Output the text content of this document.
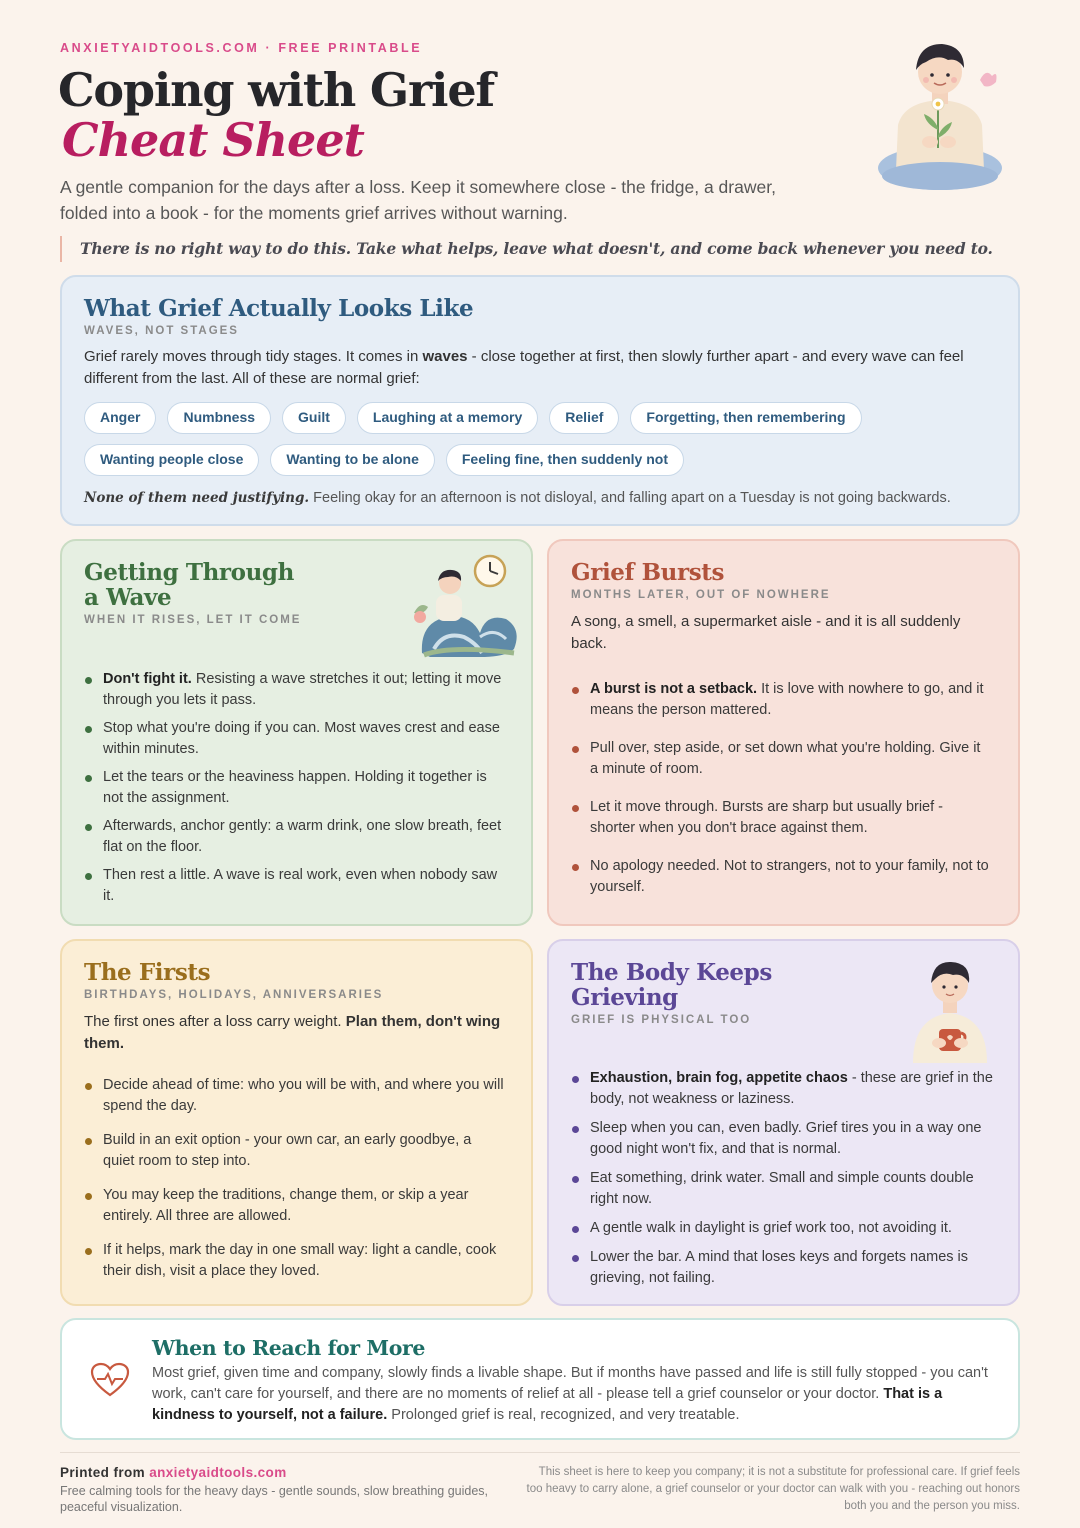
ANXIETYAIDTOOLS.COM · FREE PRINTABLE
Coping with Grief
Cheat Sheet
A gentle companion for the days after a loss. Keep it somewhere close - the fridge, a drawer, folded into a book - for the moments grief arrives without warning.
There is no right way to do this. Take what helps, leave what doesn't, and come back whenever you need to.
What Grief Actually Looks Like
WAVES, NOT STAGES

Grief rarely moves through tidy stages. It comes in waves - close together at first, then slowly further apart - and every wave can feel different from the last. All of these are normal grief:

Anger	Numbness	Guilt	Laughing at a memory	Relief	Forgetting, then remembering
Wanting people close	Wanting to be alone	Feeling fine, then suddenly not

None of them need justifying. Feeling okay for an afternoon is not disloyal, and falling apart on a Tuesday is not going backwards.

Getting Through
a Wave
WHEN IT RISES, LET IT COME
Don't fight it. Resisting a wave stretches it out; letting it move through you lets it pass.
Stop what you're doing if you can. Most waves crest and ease within minutes.
Let the tears or the heaviness happen. Holding it together is not the assignment.
Afterwards, anchor gently: a warm drink, one slow breath, feet flat on the floor.
Then rest a little. A wave is real work, even when nobody saw it.
Grief Bursts
MONTHS LATER, OUT OF NOWHERE

A song, a smell, a supermarket aisle - and it is all suddenly back.

A burst is not a setback. It is love with nowhere to go, and it means the person mattered.
Pull over, step aside, or set down what you're holding. Give it a minute of room.
Let it move through. Bursts are sharp but usually brief - shorter when you don't brace against them.
No apology needed. Not to strangers, not to your family, not to yourself.
The Firsts
BIRTHDAYS, HOLIDAYS, ANNIVERSARIES

The first ones after a loss carry weight. Plan them, don't wing them.

Decide ahead of time: who you will be with, and where you will spend the day.
Build in an exit option - your own car, an early goodbye, a quiet room to step into.
You may keep the traditions, change them, or skip a year entirely. All three are allowed.
If it helps, mark the day in one small way: light a candle, cook their dish, visit a place they loved.
The Body Keeps
Grieving
GRIEF IS PHYSICAL TOO
Exhaustion, brain fog, appetite chaos - these are grief in the body, not weakness or laziness.
Sleep when you can, even badly. Grief tires you in a way one good night won't fix, and that is normal.
Eat something, drink water. Small and simple counts double right now.
A gentle walk in daylight is grief work too, not avoiding it.
Lower the bar. A mind that loses keys and forgets names is grieving, not failing.
When to Reach for More

Most grief, given time and company, slowly finds a livable shape. But if months have passed and life is still fully stopped - you can't work, can't care for yourself, and there are no moments of relief at all - please tell a grief counselor or your doctor. That is a kindness to yourself, not a failure. Prolonged grief is real, recognized, and very treatable.

Printed from anxietyaidtools.com
Free calming tools for the heavy days - gentle sounds, slow breathing guides, peaceful visualization.
This sheet is here to keep you company; it is not a substitute for professional care. If grief feels too heavy to carry alone, a grief counselor or your doctor can walk with you - reaching out honors both you and the person you miss.
